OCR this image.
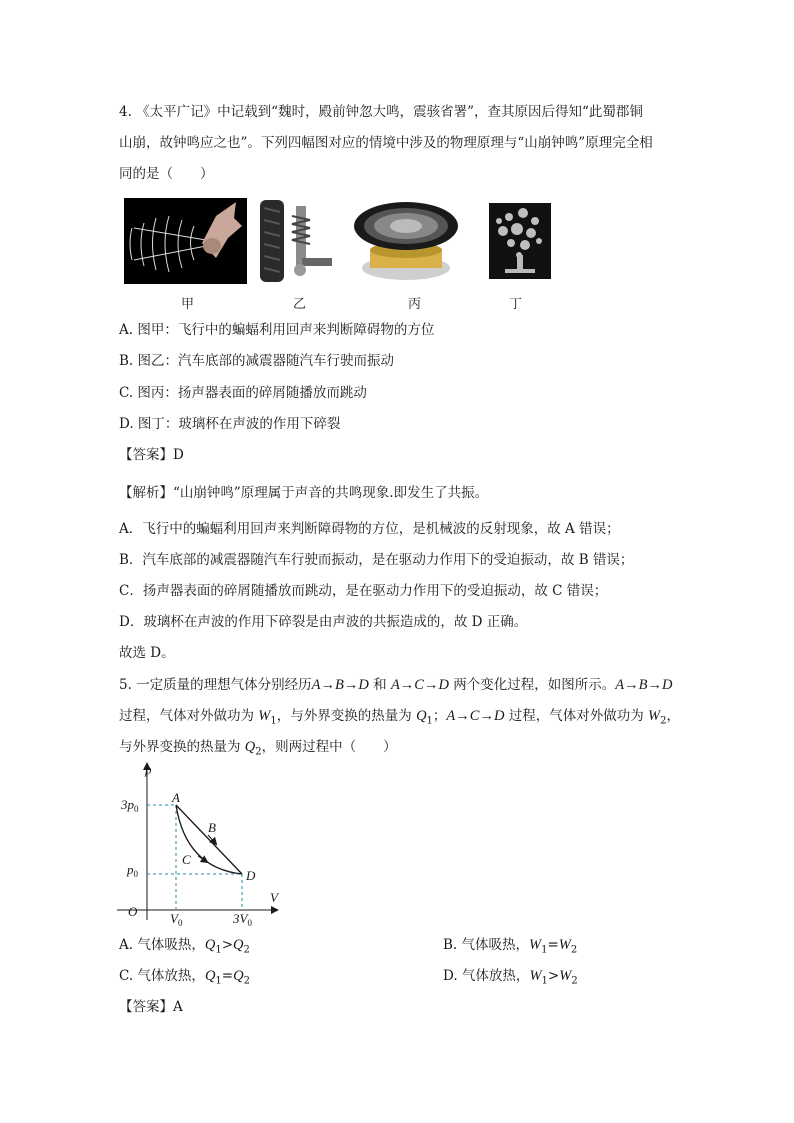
4. 《太平广记》中记载到“魏时，殿前钟忽大鸣，震骇省署”，查其原因后得知“此蜀郡铜
山崩，故钟鸣应之也”。下列四幅图对应的情境中涉及的物理原理与“山崩钟鸣”原理完全相
同的是（　　）
甲	乙	丙	丁
A. 图甲：飞行中的蝙蝠利用回声来判断障碍物的方位
B. 图乙：汽车底部的减震器随汽车行驶而振动
C. 图丙：扬声器表面的碎屑随播放而跳动
D. 图丁：玻璃杯在声波的作用下碎裂
【答案】D
【解析】“山崩钟鸣”原理属于声音的共鸣现象.即发生了共振。
A．飞行中的蝙蝠利用回声来判断障碍物的方位，是机械波的反射现象，故 A 错误；
B．汽车底部的减震器随汽车行驶而振动，是在驱动力作用下的受迫振动，故 B 错误；
C．扬声器表面的碎屑随播放而跳动，是在驱动力作用下的受迫振动，故 C 错误；
D．玻璃杯在声波的作用下碎裂是由声波的共振造成的，故 D 正确。
故选 D。
5. 一定质量的理想气体分别经历A→B→D 和 A→C→D 两个变化过程，如图所示。A→B→D
过程，气体对外做功为 $W_1$，与外界变换的热量为 $Q_1$；A→C→D 过程，气体对外做功为 $W_2$，
与外界变换的热量为 $Q_2$，则两过程中（　　）
p
V
O
$3p_0$
$p_0$
$V_0$	$3V_0$
A
B
C
D
A. 气体吸热，$Q_1>Q_2$	B. 气体吸热，$W_1=W_2$
C. 气体放热，$Q_1=Q_2$	D. 气体放热，$W_1>W_2$
【答案】A
